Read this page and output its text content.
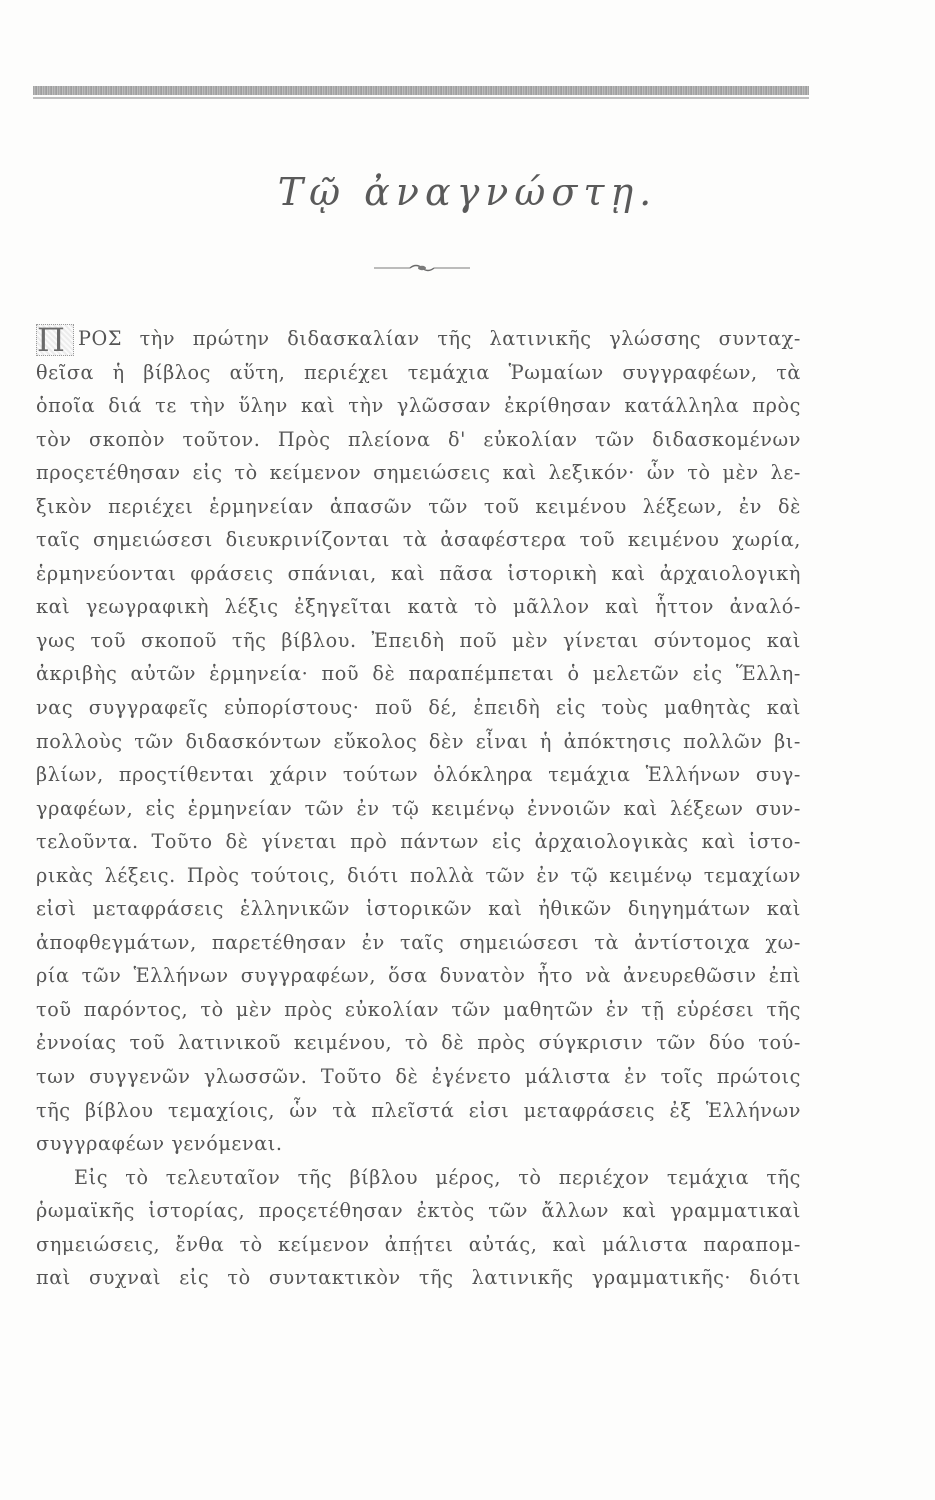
Τῷ ἀναγνώστῃ.
Π ΡΟΣ τὴν πρώτην διδασκαλίαν τῆς λατινικῆς γλώσσης συνταχ-
θεῖσα ἡ βίβλος αὕτη, περιέχει τεμάχια Ῥωμαίων συγγραφέων, τὰ
ὁποῖα διά τε τὴν ὕλην καὶ τὴν γλῶσσαν ἐκρίθησαν κατάλληλα πρὸς
τὸν σκοπὸν τοῦτον. Πρὸς πλείονα δ' εὐκολίαν τῶν διδασκομένων
προςετέθησαν εἰς τὸ κείμενον σημειώσεις καὶ λεξικόν· ὧν τὸ μὲν λε-
ξικὸν περιέχει ἑρμηνείαν ἁπασῶν τῶν τοῦ κειμένου λέξεων, ἐν δὲ
ταῖς σημειώσεσι διευκρινίζονται τὰ ἀσαφέστερα τοῦ κειμένου χωρία,
ἑρμηνεύονται φράσεις σπάνιαι, καὶ πᾶσα ἱστορικὴ καὶ ἀρχαιολογικὴ
καὶ γεωγραφικὴ λέξις ἐξηγεῖται κατὰ τὸ μᾶλλον καὶ ἧττον ἀναλό-
γως τοῦ σκοποῦ τῆς βίβλου. Ἐπειδὴ ποῦ μὲν γίνεται σύντομος καὶ
ἀκριβὴς αὐτῶν ἑρμηνεία· ποῦ δὲ παραπέμπεται ὁ μελετῶν εἰς Ἕλλη-
νας συγγραφεῖς εὐπορίστους· ποῦ δέ, ἐπειδὴ εἰς τοὺς μαθητὰς καὶ
πολλοὺς τῶν διδασκόντων εὔκολος δὲν εἶναι ἡ ἀπόκτησις πολλῶν βι-
βλίων, προςτίθενται χάριν τούτων ὁλόκληρα τεμάχια Ἑλλήνων συγ-
γραφέων, εἰς ἑρμηνείαν τῶν ἐν τῷ κειμένῳ ἐννοιῶν καὶ λέξεων συν-
τελοῦντα. Τοῦτο δὲ γίνεται πρὸ πάντων εἰς ἀρχαιολογικὰς καὶ ἱστο-
ρικὰς λέξεις. Πρὸς τούτοις, διότι πολλὰ τῶν ἐν τῷ κειμένῳ τεμαχίων
εἰσὶ μεταφράσεις ἑλληνικῶν ἱστορικῶν καὶ ἠθικῶν διηγημάτων καὶ
ἀποφθεγμάτων, παρετέθησαν ἐν ταῖς σημειώσεσι τὰ ἀντίστοιχα χω-
ρία τῶν Ἑλλήνων συγγραφέων, ὅσα δυνατὸν ἦτο νὰ ἀνευρεθῶσιν ἐπὶ
τοῦ παρόντος, τὸ μὲν πρὸς εὐκολίαν τῶν μαθητῶν ἐν τῇ εὑρέσει τῆς
ἐννοίας τοῦ λατινικοῦ κειμένου, τὸ δὲ πρὸς σύγκρισιν τῶν δύο τού-
των συγγενῶν γλωσσῶν. Τοῦτο δὲ ἐγένετο μάλιστα ἐν τοῖς πρώτοις
τῆς βίβλου τεμαχίοις, ὧν τὰ πλεῖστά εἰσι μεταφράσεις ἐξ Ἑλλήνων
συγγραφέων γενόμεναι.
Εἰς τὸ τελευταῖον τῆς βίβλου μέρος, τὸ περιέχον τεμάχια τῆς
ῥωμαϊκῆς ἱστορίας, προςετέθησαν ἐκτὸς τῶν ἄλλων καὶ γραμματικαὶ
σημειώσεις, ἔνθα τὸ κείμενον ἀπῄτει αὐτάς, καὶ μάλιστα παραπομ-
παὶ συχναὶ εἰς τὸ συντακτικὸν τῆς λατινικῆς γραμματικῆς· διότι
